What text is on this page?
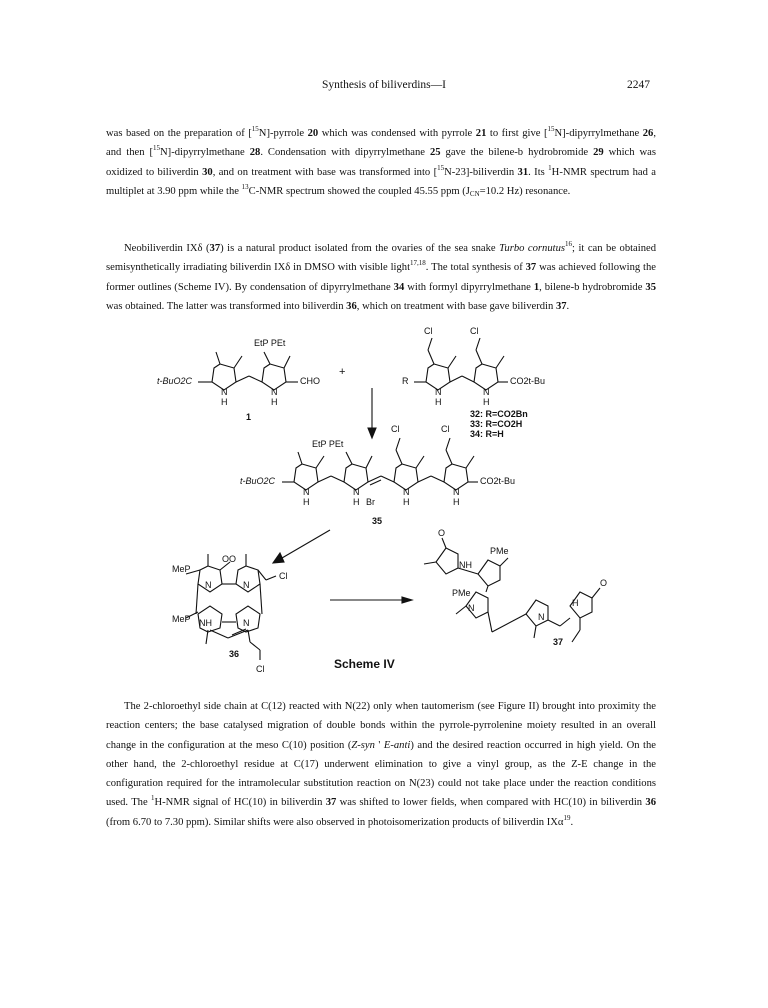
Synthesis of biliverdins—I	2247

was based on the preparation of [$^{15}$N]-pyrrole 20 which was condensed with pyrrole 21 to first give [$^{15}$N]-dipyrrylmethane 26, and then [$^{15}$N]-dipyrrylmethane 28. Condensation with dipyrrylmethane 25 gave the bilene-b hydrobromide 29 which was oxidized to biliverdin 30, and on treatment with base was transformed into [$^{15}$N-23]-biliverdin 31. Its $^1$H-NMR spectrum had a multiplet at 3.90 ppm while the $^{13}$C-NMR spectrum showed the coupled 45.55 ppm ($J_{CN}=10.2$ Hz) resonance.

Neobiliverdin IXδ (37) is a natural product isolated from the ovaries of the sea snake Turbo cornutus$^{16}$; it can be obtained semisynthetically irradiating biliverdin IXδ in DMSO with visible light$^{17,18}$. The total synthesis of 37 was achieved following the former outlines (Scheme IV). By condensation of dipyrrylmethane 34 with formyl dipyrrylmethane 1, bilene-b hydrobromide 35 was obtained. The latter was transformed into biliverdin 36, which on treatment with base gave biliverdin 37.

EtP PEt
t-BuO2C	CHO
N
H
N
H
1
+
Cl	Cl
R
N
H
N
H
CO2t-Bu
32: R=CO2Bn
33: R=CO2H
34: R=H
EtP PEt
Cl	Cl
t-BuO2C
N
H
N
H Br
N
H
N
H
CO2t-Bu
35
MeP
MeP
OO
Cl
Cl
N	N
NH	N
36
PMe
PMe
NH
N
N
H
O
O
37
Scheme IV

The 2-chloroethyl side chain at C(12) reacted with N(22) only when tautomerism (see Figure II) brought into proximity the reaction centers; the base catalysed migration of double bonds within the pyrrole-pyrrolenine moiety resulted in an overall change in the configuration at the meso C(10) position (Z-syn ' E-anti) and the desired reaction occurred in high yield. On the other hand, the 2-chloroethyl residue at C(17) underwent elimination to give a vinyl group, as the Z-E change in the configuration required for the intramolecular substitution reaction on N(23) could not take place under the reaction conditions used. The $^1$H-NMR signal of HC(10) in biliverdin 37 was shifted to lower fields, when compared with HC(10) in biliverdin 36 (from 6.70 to 7.30 ppm). Similar shifts were also observed in photoisomerization products of biliverdin IXα$^{19}$.
